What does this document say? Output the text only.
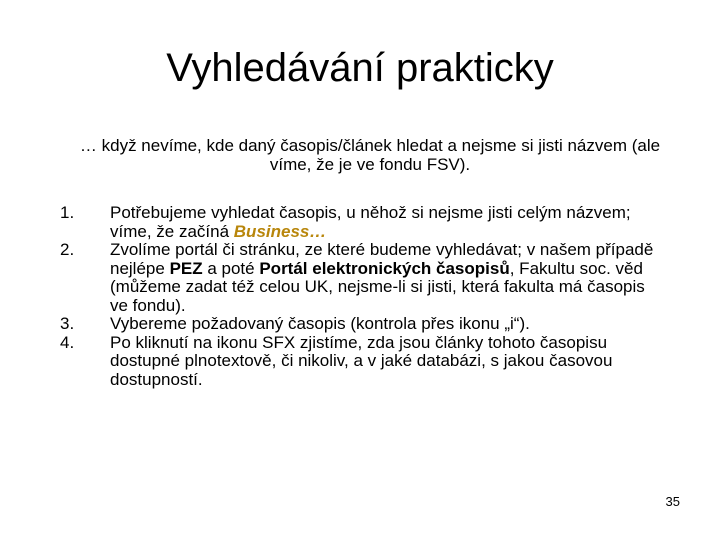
Vyhledávání prakticky
… když nevíme, kde daný časopis/článek hledat a nejsme si jisti názvem (ale víme, že je ve fondu FSV).
1.	Potřebujeme vyhledat časopis, u něhož si nejsme jisti celým názvem; víme, že začíná Business…
2.	Zvolíme portál či stránku, ze které budeme vyhledávat; v našem případě nejlépe PEZ a poté Portál elektronických časopisů, Fakultu soc. věd (můžeme zadat též celou UK, nejsme-li si jisti, která fakulta má časopis ve fondu).
3.	Vybereme požadovaný časopis (kontrola přes ikonu „i“).
4.	Po kliknutí na ikonu SFX zjistíme, zda jsou články tohoto časopisu dostupné plnotextově, či nikoliv, a v jaké databázi, s jakou časovou dostupností.
35
